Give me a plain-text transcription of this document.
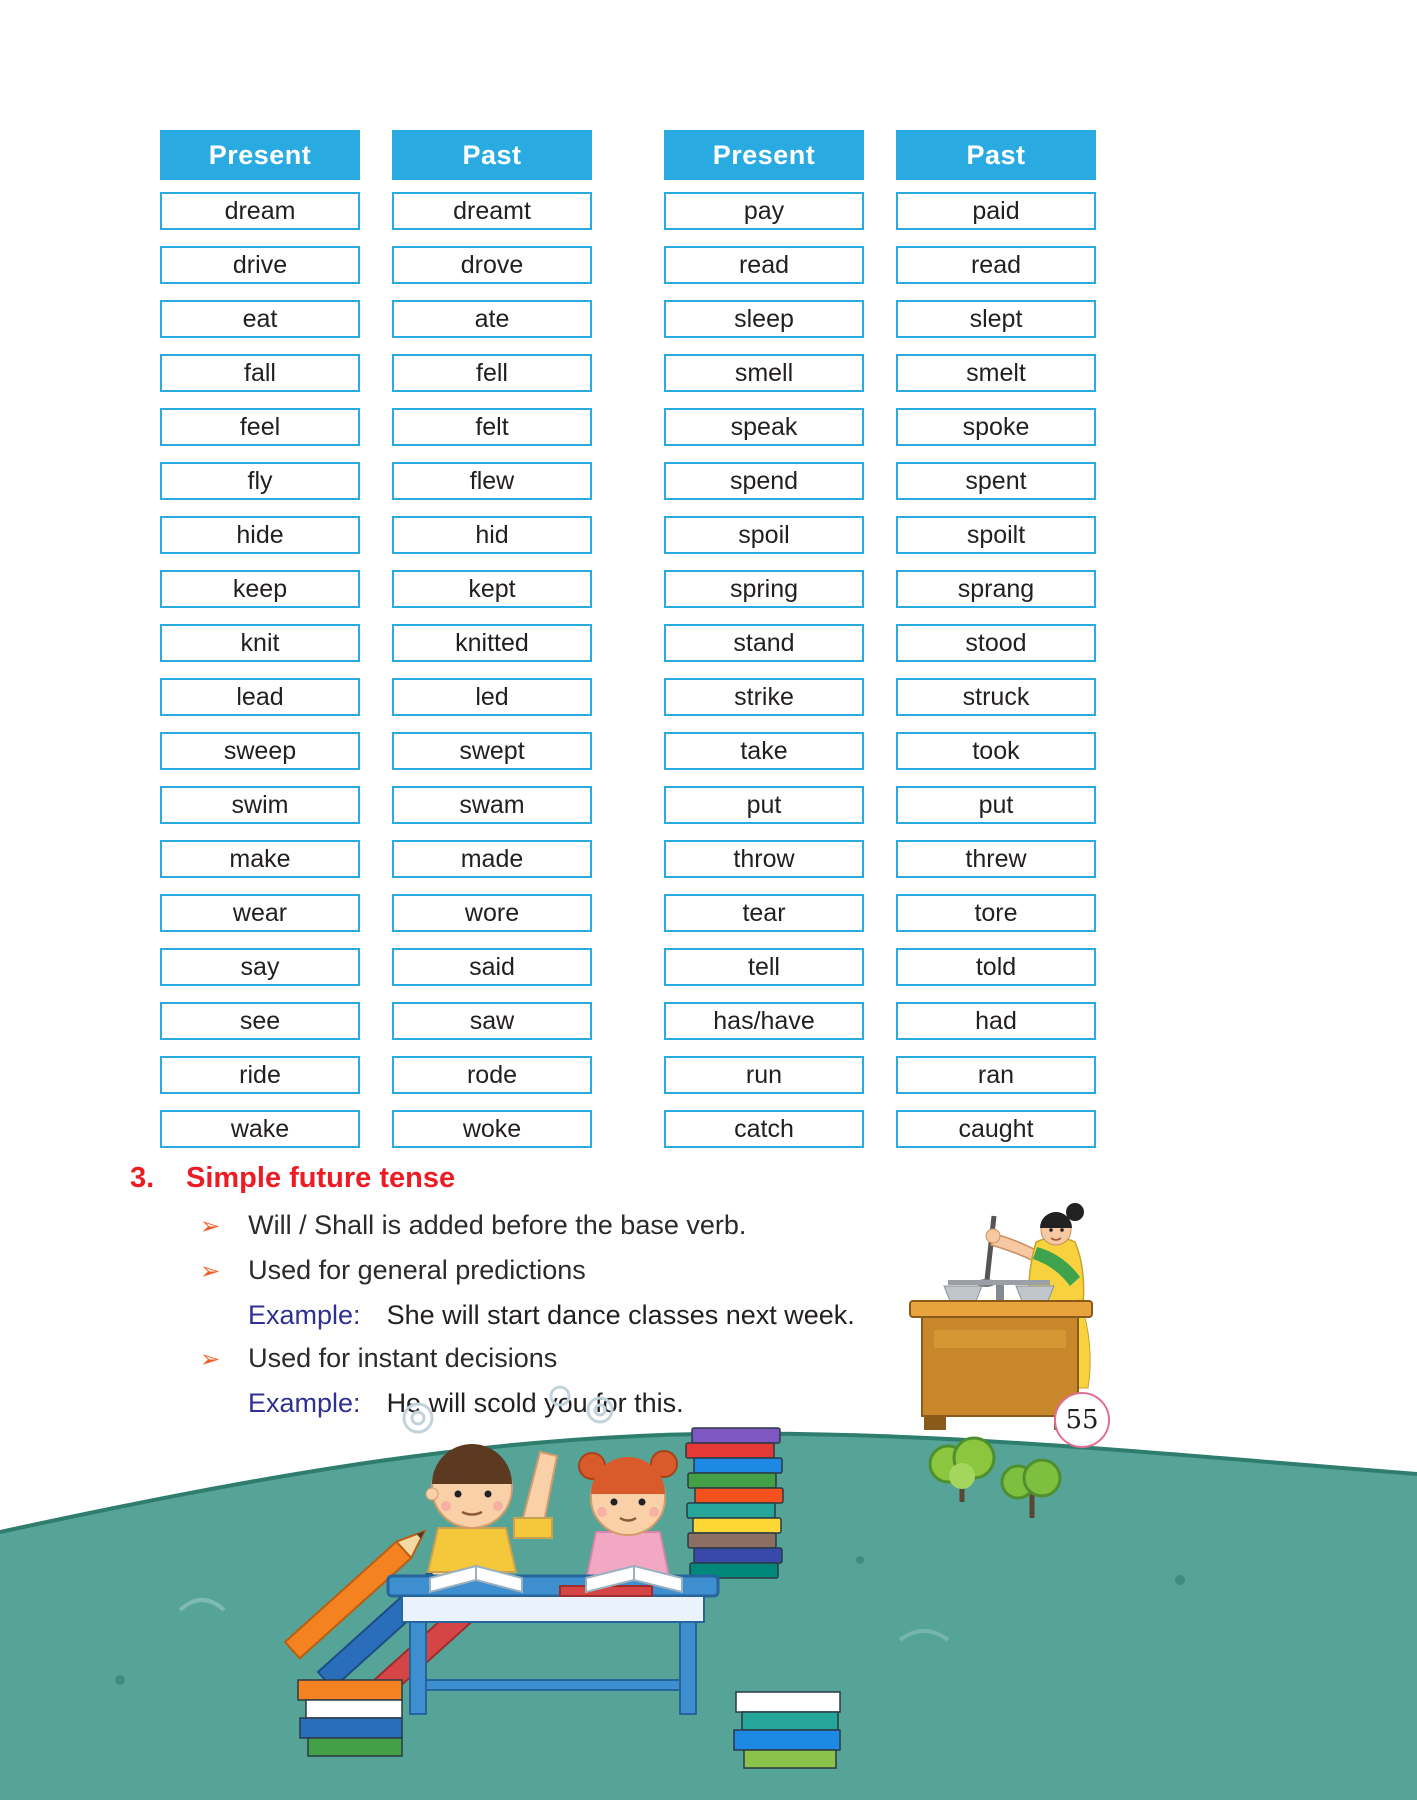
Present
dream
drive
eat
fall
feel
fly
hide
keep
knit
lead
sweep
swim
make
wear
say
see
ride
wake
Past
dreamt
drove
ate
fell
felt
flew
hid
kept
knitted
led
swept
swam
made
wore
said
saw
rode
woke
Present
pay
read
sleep
smell
speak
spend
spoil
spring
stand
strike
take
put
throw
tear
tell
has/have
run
catch
Past
paid
read
slept
smelt
spoke
spent
spoilt
sprang
stood
struck
took
put
threw
tore
told
had
ran
caught
3. Simple future tense
➢ Will / Shall is added before the base verb.
➢ Used for general predictions
Example: She will start dance classes next week.
➢ Used for instant decisions
Example: He will scold you for this.
55
